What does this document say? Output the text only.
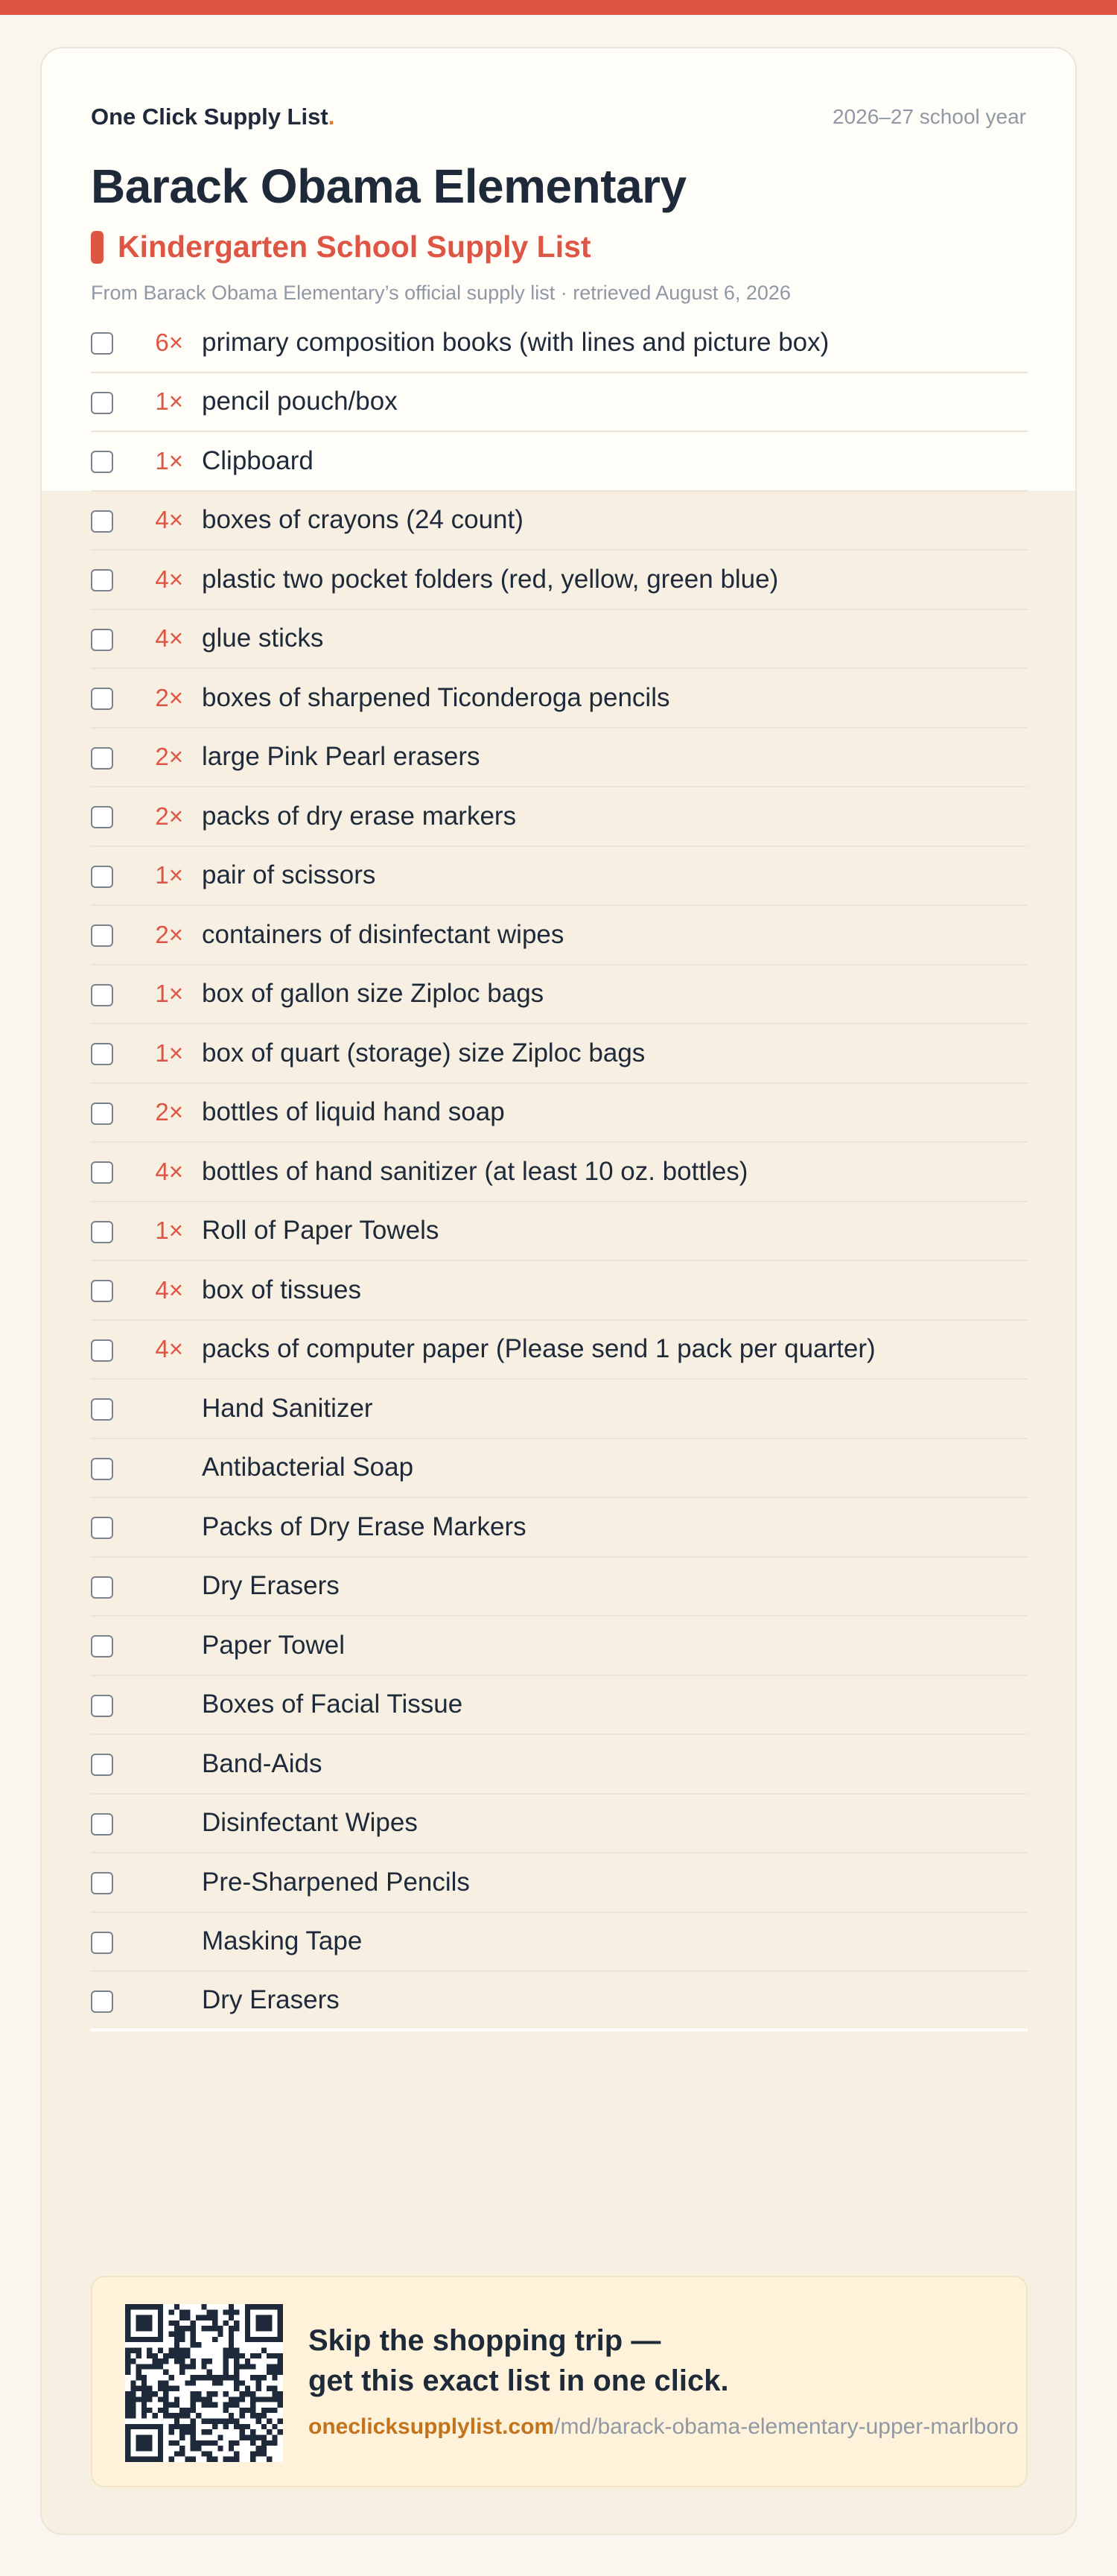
One Click Supply List.	2026–27 school year
Barack Obama Elementary
Kindergarten School Supply List
From Barack Obama Elementary’s official supply list · retrieved August 6, 2026
6× primary composition books (with lines and picture box)
1× pencil pouch/box
1× Clipboard
4× boxes of crayons (24 count)
4× plastic two pocket folders (red, yellow, green blue)
4× glue sticks
2× boxes of sharpened Ticonderoga pencils
2× large Pink Pearl erasers
2× packs of dry erase markers
1× pair of scissors
2× containers of disinfectant wipes
1× box of gallon size Ziploc bags
1× box of quart (storage) size Ziploc bags
2× bottles of liquid hand soap
4× bottles of hand sanitizer (at least 10 oz. bottles)
1× Roll of Paper Towels
4× box of tissues
4× packs of computer paper (Please send 1 pack per quarter)
Hand Sanitizer
Antibacterial Soap
Packs of Dry Erase Markers
Dry Erasers
Paper Towel
Boxes of Facial Tissue
Band-Aids
Disinfectant Wipes
Pre-Sharpened Pencils
Masking Tape
Dry Erasers
Skip the shopping trip —
get this exact list in one click.
oneclicksupplylist.com/md/barack-obama-elementary-upper-marlboro
